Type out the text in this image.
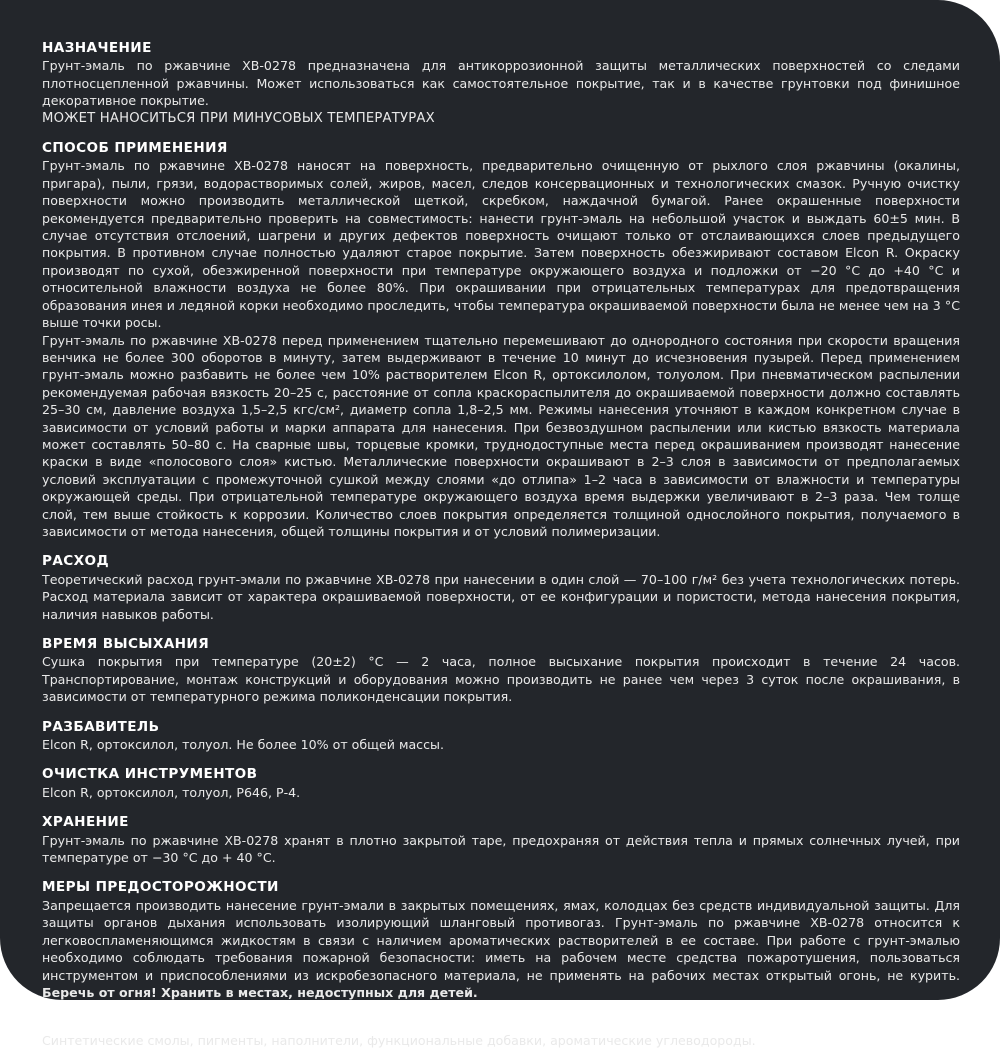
НАЗНАЧЕНИЕ

Грунт-эмаль по ржавчине ХВ-0278 предназначена для антикоррозионной защиты металлических поверхностей со следами плотносцепленной ржавчины. Может использоваться как самостоятельное покрытие, так и в качестве грунтовки под финишное декоративное покрытие.

МОЖЕТ НАНОСИТЬСЯ ПРИ МИНУСОВЫХ ТЕМПЕРАТУРАХ

СПОСОБ ПРИМЕНЕНИЯ

Грунт-эмаль по ржавчине ХВ-0278 наносят на поверхность, предварительно очищенную от рыхлого слоя ржавчины (окалины, пригара), пыли, грязи, водорастворимых солей, жиров, масел, следов консервационных и технологических смазок. Ручную очистку поверхности можно производить металлической щеткой, скребком, наждачной бумагой. Ранее окрашенные поверхности рекомендуется предварительно проверить на совместимость: нанести грунт-эмаль на небольшой участок и выждать 60±5 мин. В случае отсутствия отслоений, шагрени и других дефектов поверхность очищают только от отслаивающихся слоев предыдущего покрытия. В противном случае полностью удаляют старое покрытие. Затем поверхность обезжиривают составом Elcon R. Окраску производят по сухой, обезжиренной поверхности при температуре окружающего воздуха и подложки от −20 °С до +40 °С и относительной влажности воздуха не более 80%. При окрашивании при отрицательных температурах для предотвращения образования инея и ледяной корки необходимо проследить, чтобы температура окрашиваемой поверхности была не менее чем на 3 °С выше точки росы.

Грунт-эмаль по ржавчине ХВ-0278 перед применением тщательно перемешивают до однородного состояния при скорости вращения венчика не более 300 оборотов в минуту, затем выдерживают в течение 10 минут до исчезновения пузырей. Перед применением грунт-эмаль можно разбавить не более чем 10% растворителем Elcon R, ортоксилолом, толуолом. При пневматическом распылении рекомендуемая рабочая вязкость 20–25 с, расстояние от сопла краскораспылителя до окрашиваемой поверхности должно составлять 25–30 см, давление воздуха 1,5–2,5 кгс/см², диаметр сопла 1,8–2,5 мм. Режимы нанесения уточняют в каждом конкретном случае в зависимости от условий работы и марки аппарата для нанесения. При безвоздушном распылении или кистью вязкость материала может составлять 50–80 с. На сварные швы, торцевые кромки, труднодоступные места перед окрашиванием производят нанесение краски в виде «полосового слоя» кистью. Металлические поверхности окрашивают в 2–3 слоя в зависимости от предполагаемых условий эксплуатации с промежуточной сушкой между слоями «до отлипа» 1–2 часа в зависимости от влажности и температуры окружающей среды. При отрицательной температуре окружающего воздуха время выдержки увеличивают в 2–3 раза. Чем толще слой, тем выше стойкость к коррозии. Количество слоев покрытия определяется толщиной однослойного покрытия, получаемого в зависимости от метода нанесения, общей толщины покрытия и от условий полимеризации.

РАСХОД

Теоретический расход грунт-эмали по ржавчине ХВ-0278 при нанесении в один слой — 70–100 г/м² без учета технологических потерь. Расход материала зависит от характера окрашиваемой поверхности, от ее конфигурации и пористости, метода нанесения покрытия, наличия навыков работы.

ВРЕМЯ ВЫСЫХАНИЯ

Сушка покрытия при температуре (20±2) °С — 2 часа, полное высыхание покрытия происходит в течение 24 часов. Транспортирование, монтаж конструкций и оборудования можно производить не ранее чем через 3 суток после окрашивания, в зависимости от температурного режима поликонденсации покрытия.

РАЗБАВИТЕЛЬ

Elcon R, ортоксилол, толуол. Не более 10% от общей массы.

ОЧИСТКА ИНСТРУМЕНТОВ

Elcon R, ортоксилол, толуол, Р646, Р-4.

ХРАНЕНИЕ

Грунт-эмаль по ржавчине ХВ-0278 хранят в плотно закрытой таре, предохраняя от действия тепла и прямых солнечных лучей, при температуре от −30 °С до + 40 °С.

МЕРЫ ПРЕДОСТОРОЖНОСТИ

Запрещается производить нанесение грунт-эмали в закрытых помещениях, ямах, колодцах без средств индивидуальной защиты. Для защиты органов дыхания использовать изолирующий шланговый противогаз. Грунт-эмаль по ржавчине ХВ-0278 относится к легковоспламеняющимся жидкостям в связи с наличием ароматических растворителей в ее составе. При работе с грунт-эмалью необходимо соблюдать требования пожарной безопасности: иметь на рабочем месте средства пожаротушения, пользоваться инструментом и приспособлениями из искробезопасного материала, не применять на рабочих местах открытый огонь, не курить. Беречь от огня! Хранить в местах, недоступных для детей.

СОСТАВ

Синтетические смолы, пигменты, наполнители, функциональные добавки, ароматические углеводороды.
